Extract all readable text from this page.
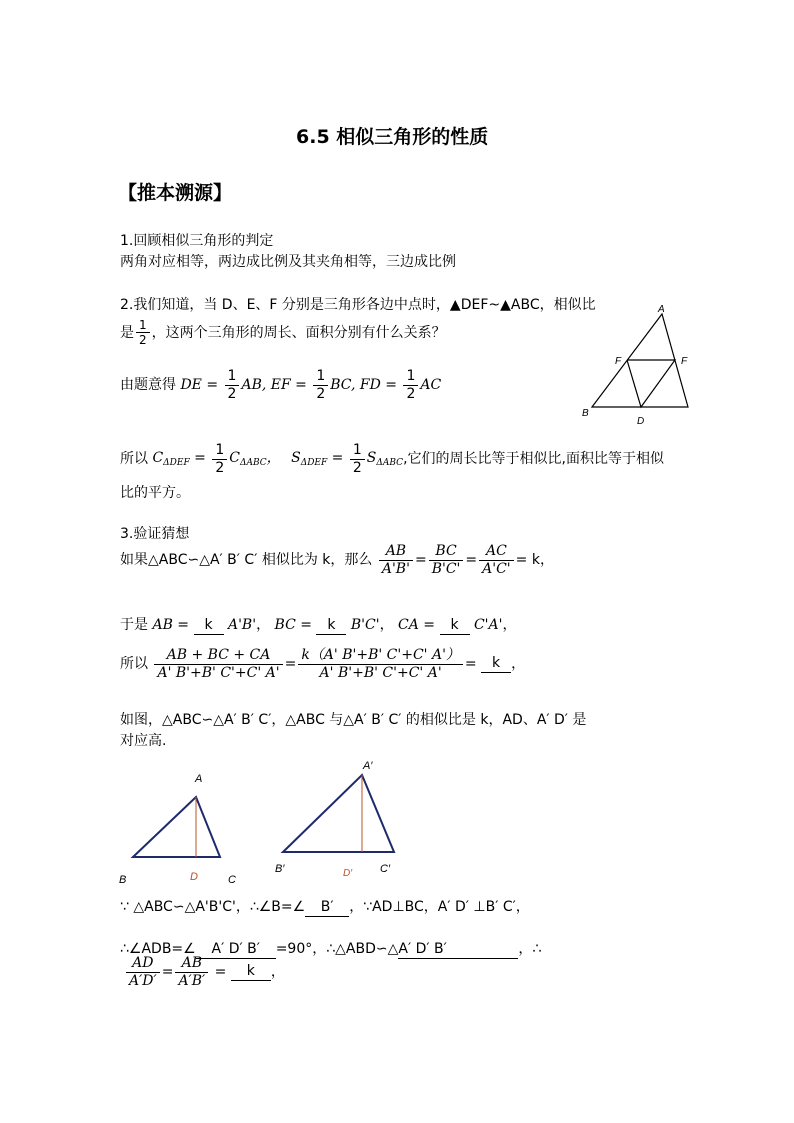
6.5 相似三角形的性质
【推本溯源】
1.回顾相似三角形的判定
两角对应相等，两边成比例及其夹角相等，三边成比例
2.我们知道，当 D、E、F 分别是三角形各边中点时，▲DEF~▲ABC，相似比
是 $\frac{1}{2}$ ，这两个三角形的周长、面积分别有什么关系？
A
B
D
F	F
由题意得 DE = $\frac{1}{2}$ AB, EF = $\frac{1}{2}$ BC, FD = $\frac{1}{2}$ AC
所以 $C_{\Delta DEF} = \frac{1}{2} C_{\Delta ABC}$， $S_{\Delta DEF} = \frac{1}{2} S_{\Delta ABC}$,它们的周长比等于相似比,面积比等于相似
比的平方。
3.验证猜想
如果△ABC∽△A′ B′ C′ 相似比为 k，那么 $\frac{AB}{A'B'} = \frac{BC}{B'C'} = \frac{AC}{A'C'} = k$，
于是 AB = k A'B'， BC = k B'C'， CA = k C'A'，
所以 $\frac{AB + BC + CA}{A' B'+B' C'+C' A'} = \frac{k(A' B'+B' C'+C' A')}{A' B'+B' C'+C' A'} = k$ ，
如图，△ABC∽△A′ B′ C′，△ABC 与△A′ B′ C′ 的相似比是 k，AD、A′ D′ 是
对应高.
A
B	C
D
A′
B′	C′
D′
∵ △ABC∽△A'B'C'，∴∠B=∠ B′ ，∵AD⊥BC，A′ D′ ⊥B′ C′，
∴∠ADB=∠ A′ D′ B′ =90°，∴△ABD∽△A′ D′ B′	，∴
$\frac{AD}{A'D'} = \frac{AB}{A'B'} = k$ ，
